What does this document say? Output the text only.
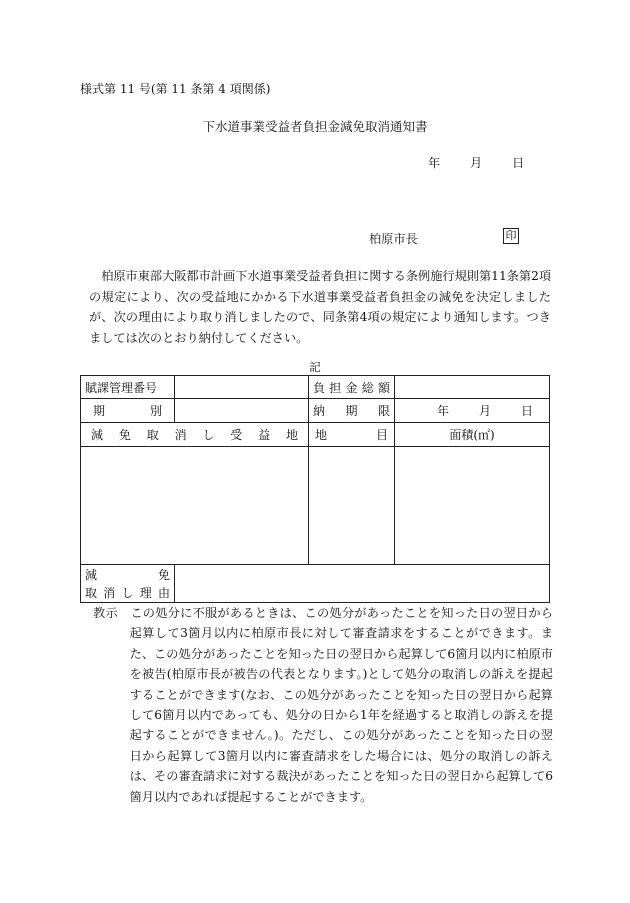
様式第 11 号(第 11 条第 4 項関係)
下水道事業受益者負担金減免取消通知書
年 月 日
柏原市長	印
柏原市東部大阪都市計画下水道事業受益者負担に関する条例施行規則第11条第2項の規定により、次の受益地にかかる下水道事業受益者負担金の減免を決定しましたが、次の理由により取り消しましたので、同条第4項の規定により通知します。つきましては次のとおり納付してください。
記
賦課管理番号		負担金総額	
期別		納期限	年 月 日
減免取消し受益地		地目	面積(㎡)

減免
取消し理由			

教示 この処分に不服があるときは、この処分があったことを知った日の翌日から起算して3箇月以内に柏原市長に対して審査請求をすることができます。また、この処分があったことを知った日の翌日から起算して6箇月以内に柏原市を被告(柏原市長が被告の代表となります。)として処分の取消しの訴えを提起することができます(なお、この処分があったことを知った日の翌日から起算して6箇月以内であっても、処分の日から1年を経過すると取消しの訴えを提起することができません。)。ただし、この処分があったことを知った日の翌日から起算して3箇月以内に審査請求をした場合には、処分の取消しの訴えは、その審査請求に対する裁決があったことを知った日の翌日から起算して6箇月以内であれば提起することができます。
